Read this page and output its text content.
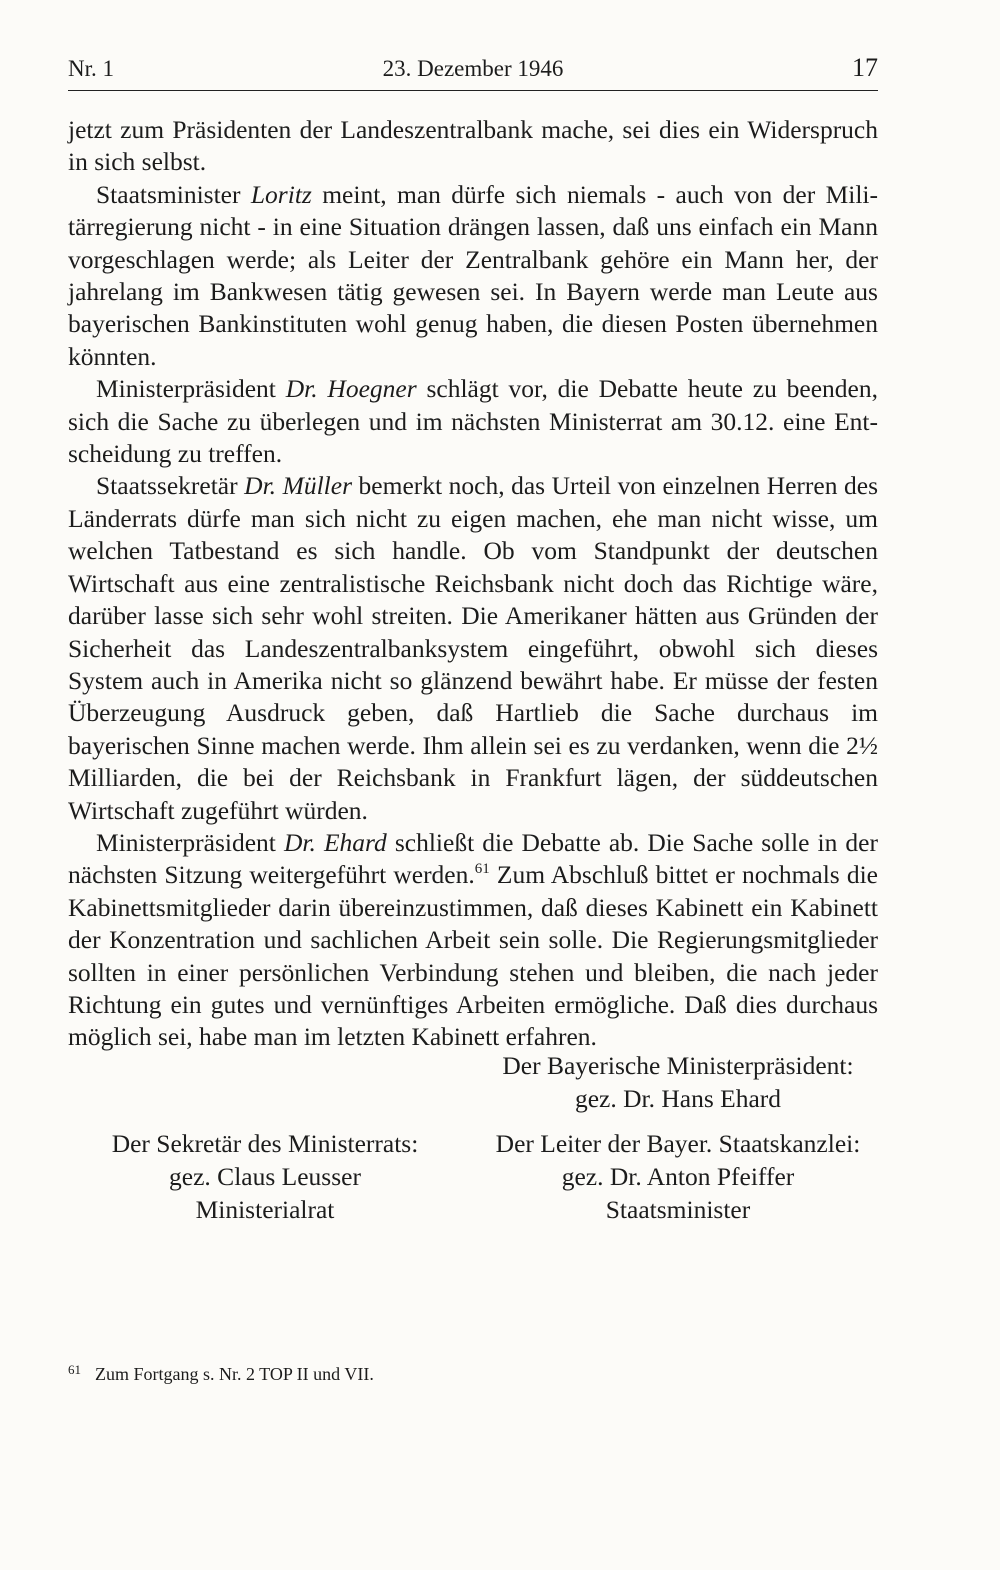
Nr. 1	23. Dezember 1946	17

jetzt zum Präsidenten der Landeszentralbank mache, sei dies ein Widerspruch in sich selbst.

Staatsminister Loritz meint, man dürfe sich niemals - auch von der Militärregierung nicht - in eine Situation drängen lassen, daß uns einfach ein Mann vorgeschlagen werde; als Leiter der Zentralbank gehöre ein Mann her, der jahrelang im Bankwesen tätig gewesen sei. In Bayern werde man Leute aus bayerischen Bankinstituten wohl genug haben, die diesen Posten übernehmen könnten.

Ministerpräsident Dr. Hoegner schlägt vor, die Debatte heute zu beenden, sich die Sache zu überlegen und im nächsten Ministerrat am 30.12. eine Entscheidung zu treffen.

Staatssekretär Dr. Müller bemerkt noch, das Urteil von einzelnen Herren des Länderrats dürfe man sich nicht zu eigen machen, ehe man nicht wisse, um welchen Tatbestand es sich handle. Ob vom Standpunkt der deutschen Wirtschaft aus eine zentralistische Reichsbank nicht doch das Richtige wäre, darüber lasse sich sehr wohl streiten. Die Amerikaner hätten aus Gründen der Sicherheit das Landeszentralbanksystem eingeführt, obwohl sich dieses System auch in Amerika nicht so glänzend bewährt habe. Er müsse der festen Überzeugung Ausdruck geben, daß Hartlieb die Sache durchaus im bayerischen Sinne machen werde. Ihm allein sei es zu verdanken, wenn die 2½ Milliarden, die bei der Reichsbank in Frankfurt lägen, der süddeutschen Wirtschaft zugeführt würden.

Ministerpräsident Dr. Ehard schließt die Debatte ab. Die Sache solle in der nächsten Sitzung weitergeführt werden.$^{61}$ Zum Abschluß bittet er nochmals die Kabinettsmitglieder darin übereinzustimmen, daß dieses Kabinett ein Kabinett der Konzentration und sachlichen Arbeit sein solle. Die Regierungsmitglieder sollten in einer persönlichen Verbindung stehen und bleiben, die nach jeder Richtung ein gutes und vernünftiges Arbeiten ermögliche. Daß dies durchaus möglich sei, habe man im letzten Kabinett erfahren.

Der Bayerische Ministerpräsident:
gez. Dr. Hans Ehard
Der Sekretär des Ministerrats:
gez. Claus Leusser
Ministerialrat
Der Leiter der Bayer. Staatskanzlei:
gez. Dr. Anton Pfeiffer
Staatsminister
$^{61}$ Zum Fortgang s. Nr. 2 TOP II und VII.
